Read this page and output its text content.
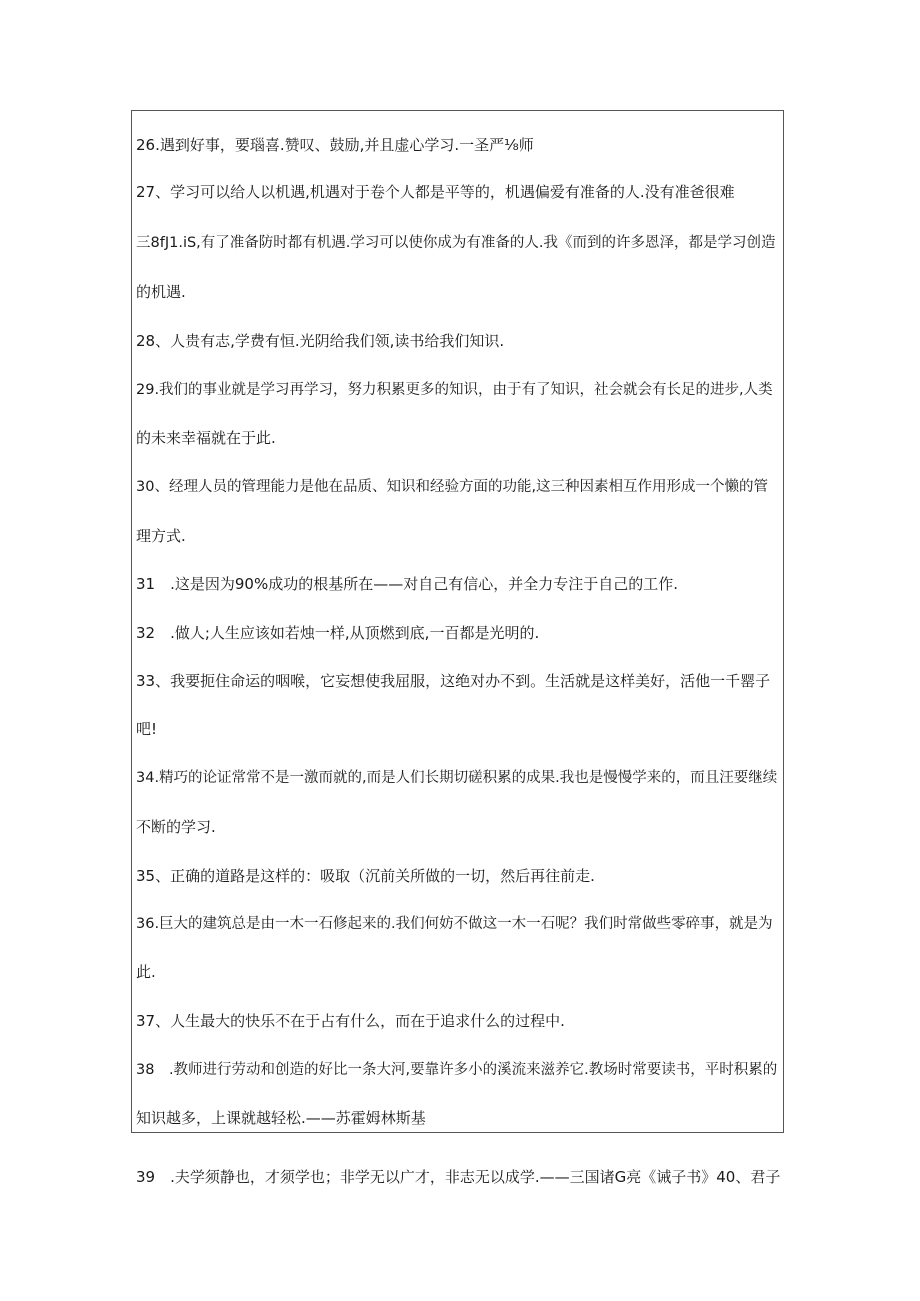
26.遇到好事，要瑙喜.赞叹、鼓励,并且虚心学习.一圣严⅛师
27、学习可以给人以机遇,机遇对于卷个人都是平等的，机遇偏爱有准备的人.没有准爸很难
三8fJ1.iS,有了准备防时都有机遇.学习可以使你成为有准备的人.我《而到的许多恩泽，都是学习创造
的机遇.
28、人贵有志,学费有恒.光阴给我们领,读书给我们知识.
29.我们的事业就是学习再学习，努力积累更多的知识，由于有了知识，社会就会有长足的进步,人类
的未来幸福就在于此.
30、经理人员的管理能力是他在品质、知识和经验方面的功能,这三种因素相互作用形成一个懒的管
理方式.
31　.这是因为90%成功的根基所在——对自己有信心，并全力专注于自己的工作.
32　.做人;人生应该如若烛一样,从顶燃到底,一百都是光明的.
33、我要扼住命运的咽喉，它妄想使我屈服，这绝对办不到。生活就是这样美好，活他一千罂子
吧!
34.精巧的论证常常不是一激而就的,而是人们长期切磋积累的成果.我也是慢慢学来的，而且汪要继续
不断的学习.
35、正确的道路是这样的：吸取（沉前关所做的一切，然后再往前走.
36.巨大的建筑总是由一木一石修起来的.我们何妨不做这一木一石呢？我们时常做些零碎事，就是为
此.
37、人生最大的快乐不在于占有什么，而在于追求什么的过程中.
38　.教师进行劳动和创造的好比一条大河,要靠许多小的溪流来滋养它.教场时常要读书，平时积累的
知识越多，上课就越轻松.——苏霍姆林斯基
39　.夫学须静也，才须学也；非学无以广才，非志无以成学.——三国诸G亮《诫子书》40、君子
